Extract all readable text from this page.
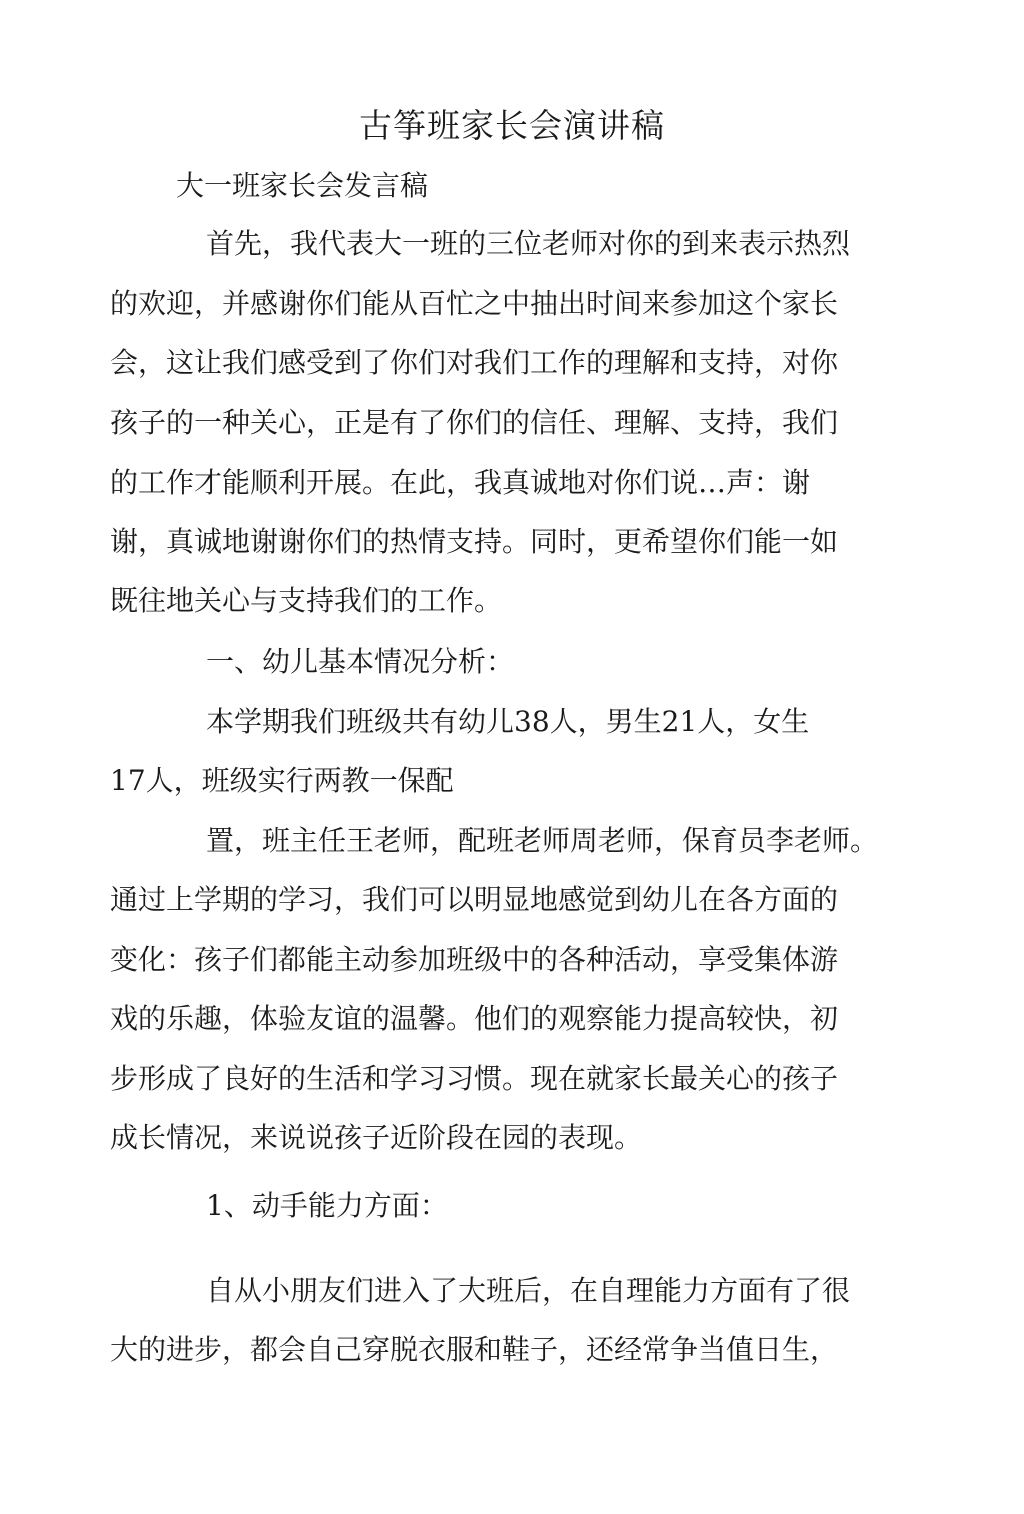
古筝班家长会演讲稿
大一班家长会发言稿
首先，我代表大一班的三位老师对你的到来表示热烈
的欢迎，并感谢你们能从百忙之中抽出时间来参加这个家长
会，这让我们感受到了你们对我们工作的理解和支持，对你
孩子的一种关心，正是有了你们的信任、理解、支持，我们
的工作才能顺利开展。在此，我真诚地对你们说…声：谢
谢，真诚地谢谢你们的热情支持。同时，更希望你们能一如
既往地关心与支持我们的工作。
一、幼儿基本情况分析：
本学期我们班级共有幼儿38人，男生21人，女生
17人，班级实行两教一保配
置，班主任王老师，配班老师周老师，保育员李老师。
通过上学期的学习，我们可以明显地感觉到幼儿在各方面的
变化：孩子们都能主动参加班级中的各种活动，享受集体游
戏的乐趣，体验友谊的温馨。他们的观察能力提高较快，初
步形成了良好的生活和学习习惯。现在就家长最关心的孩子
成长情况，来说说孩子近阶段在园的表现。
1、动手能力方面：
自从小朋友们进入了大班后，在自理能力方面有了很
大的进步，都会自己穿脱衣服和鞋子，还经常争当值日生，
